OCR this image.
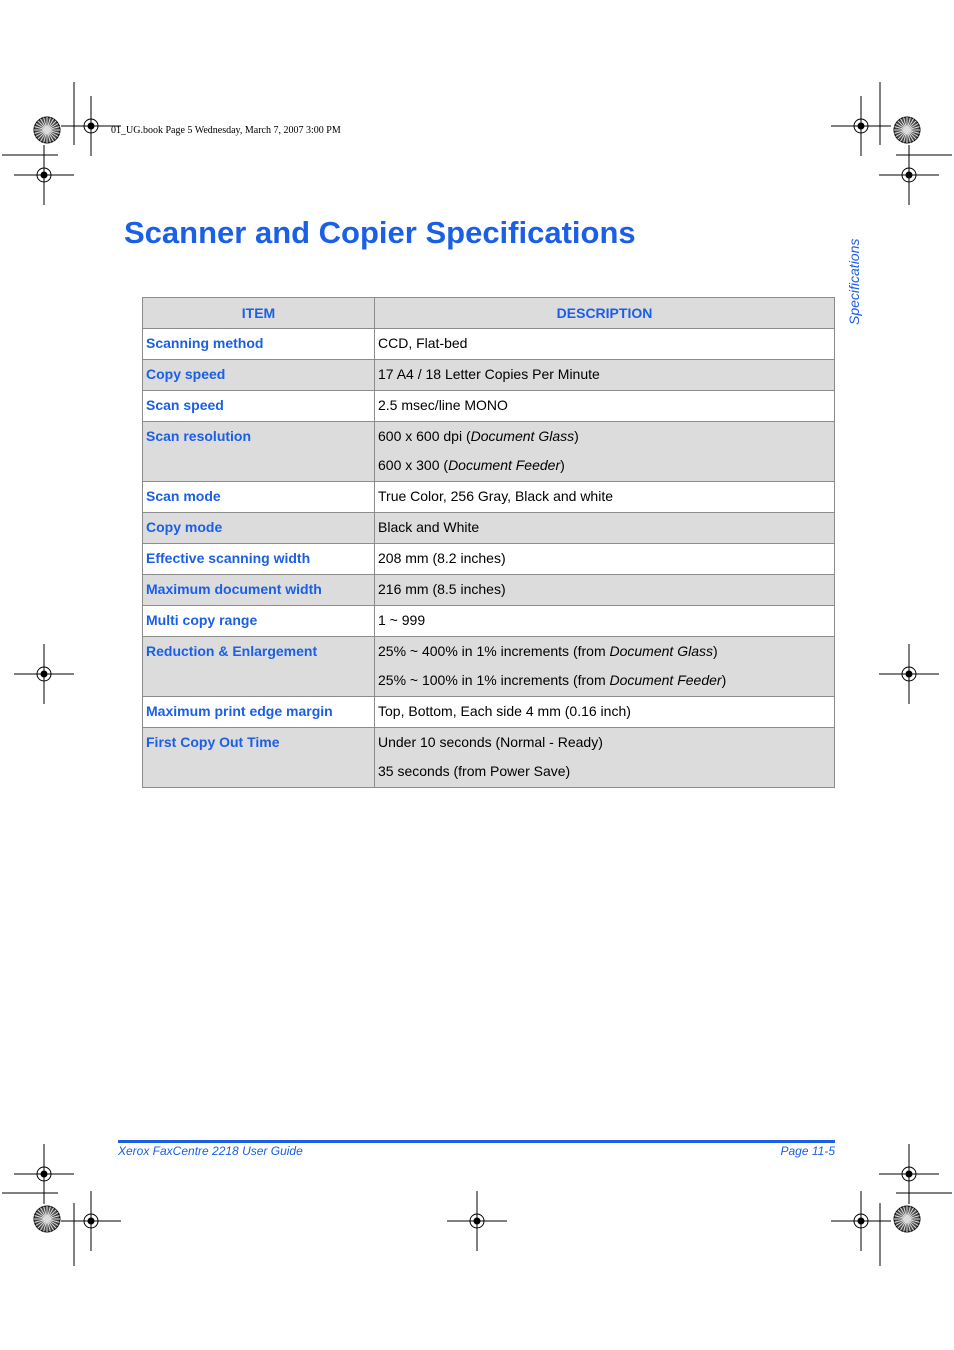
01_UG.book Page 5 Wednesday, March 7, 2007 3:00 PM
Scanner and Copier Specifications
Specifications
ITEM	DESCRIPTION
Scanning method	CCD, Flat-bed

Copy speed	17 A4 / 18 Letter Copies Per Minute

Scan speed	2.5 msec/line MONO

Scan resolution	600 x 600 dpi (Document Glass)

600 x 300 (Document Feeder)

Scan mode	True Color, 256 Gray, Black and white

Copy mode	Black and White

Effective scanning width	208 mm (8.2 inches)

Maximum document width	216 mm (8.5 inches)

Multi copy range	1 ~ 999

Reduction & Enlargement	25% ~ 400% in 1% increments (from Document Glass)

25% ~ 100% in 1% increments (from Document Feeder)

Maximum print edge margin	Top, Bottom, Each side 4 mm (0.16 inch)

First Copy Out Time	Under 10 seconds (Normal - Ready)

35 seconds (from Power Save)

Xerox FaxCentre 2218 User Guide	Page 11-5
